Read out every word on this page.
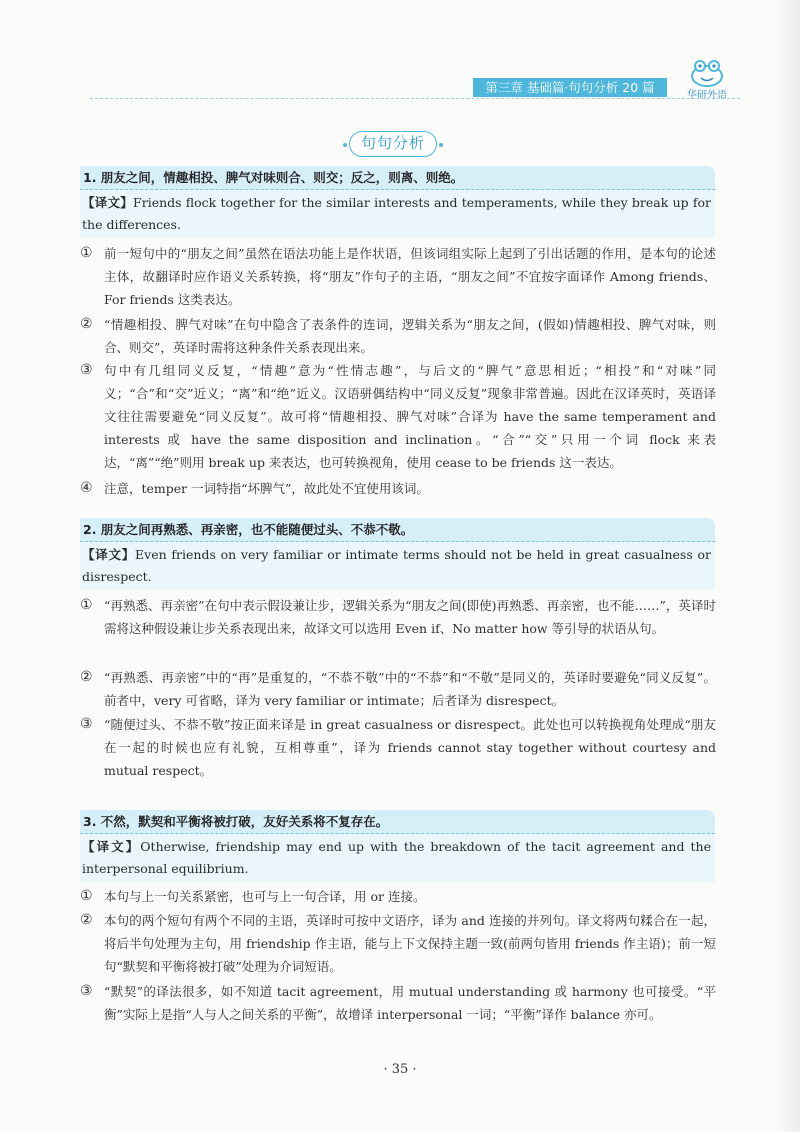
第三章 基础篇·句句分析 20 篇
华研外语
句句分析
1. 朋友之间，情趣相投、脾气对味则合、则交；反之，则离、则绝。
【译文】Friends flock together for the similar interests and temperaments, while they break up for the differences.
① 前一短句中的“朋友之间”虽然在语法功能上是作状语，但该词组实际上起到了引出话题的作用，是本句的论述主体，故翻译时应作语义关系转换，将“朋友”作句子的主语，“朋友之间”不宜按字面译作 Among friends、For friends 这类表达。
② “情趣相投、脾气对味”在句中隐含了表条件的连词，逻辑关系为“朋友之间，(假如)情趣相投、脾气对味，则合、则交”，英译时需将这种条件关系表现出来。
③ 句中有几组同义反复，“情趣”意为“性情志趣”，与后文的“脾气”意思相近；“相投”和“对味”同义；“合”和“交”近义；“离”和“绝”近义。汉语骈偶结构中“同义反复”现象非常普遍。因此在汉译英时，英语译文往往需要避免“同义反复”。故可将“情趣相投、脾气对味”合译为 have the same temperament and interests 或 have the same disposition and inclination。“合”“交”只用一个词 flock 来表达，“离”“绝”则用 break up 来表达，也可转换视角，使用 cease to be friends 这一表达。
④ 注意，temper 一词特指“坏脾气”，故此处不宜使用该词。
2. 朋友之间再熟悉、再亲密，也不能随便过头、不恭不敬。
【译文】Even friends on very familiar or intimate terms should not be held in great casualness or disrespect.
① “再熟悉、再亲密”在句中表示假设兼让步，逻辑关系为“朋友之间(即使)再熟悉、再亲密，也不能……”，英译时需将这种假设兼让步关系表现出来，故译文可以选用 Even if、No matter how 等引导的状语从句。
② “再熟悉、再亲密”中的“再”是重复的，“不恭不敬”中的“不恭”和“不敬”是同义的，英译时要避免“同义反复”。前者中，very 可省略，译为 very familiar or intimate；后者译为 disrespect。
③ “随便过头、不恭不敬”按正面来译是 in great casualness or disrespect。此处也可以转换视角处理成“朋友在一起的时候也应有礼貌，互相尊重”，译为 friends cannot stay together without courtesy and mutual respect。
3. 不然，默契和平衡将被打破，友好关系将不复存在。
【译文】Otherwise, friendship may end up with the breakdown of the tacit agreement and the interpersonal equilibrium.
① 本句与上一句关系紧密，也可与上一句合译，用 or 连接。
② 本句的两个短句有两个不同的主语，英译时可按中文语序，译为 and 连接的并列句。译文将两句糅合在一起，将后半句处理为主句，用 friendship 作主语，能与上下文保持主题一致(前两句皆用 friends 作主语)；前一短句“默契和平衡将被打破”处理为介词短语。
③ “默契”的译法很多，如不知道 tacit agreement，用 mutual understanding 或 harmony 也可接受。“平衡”实际上是指“人与人之间关系的平衡”，故增译 interpersonal 一词；“平衡”译作 balance 亦可。
· 35 ·
